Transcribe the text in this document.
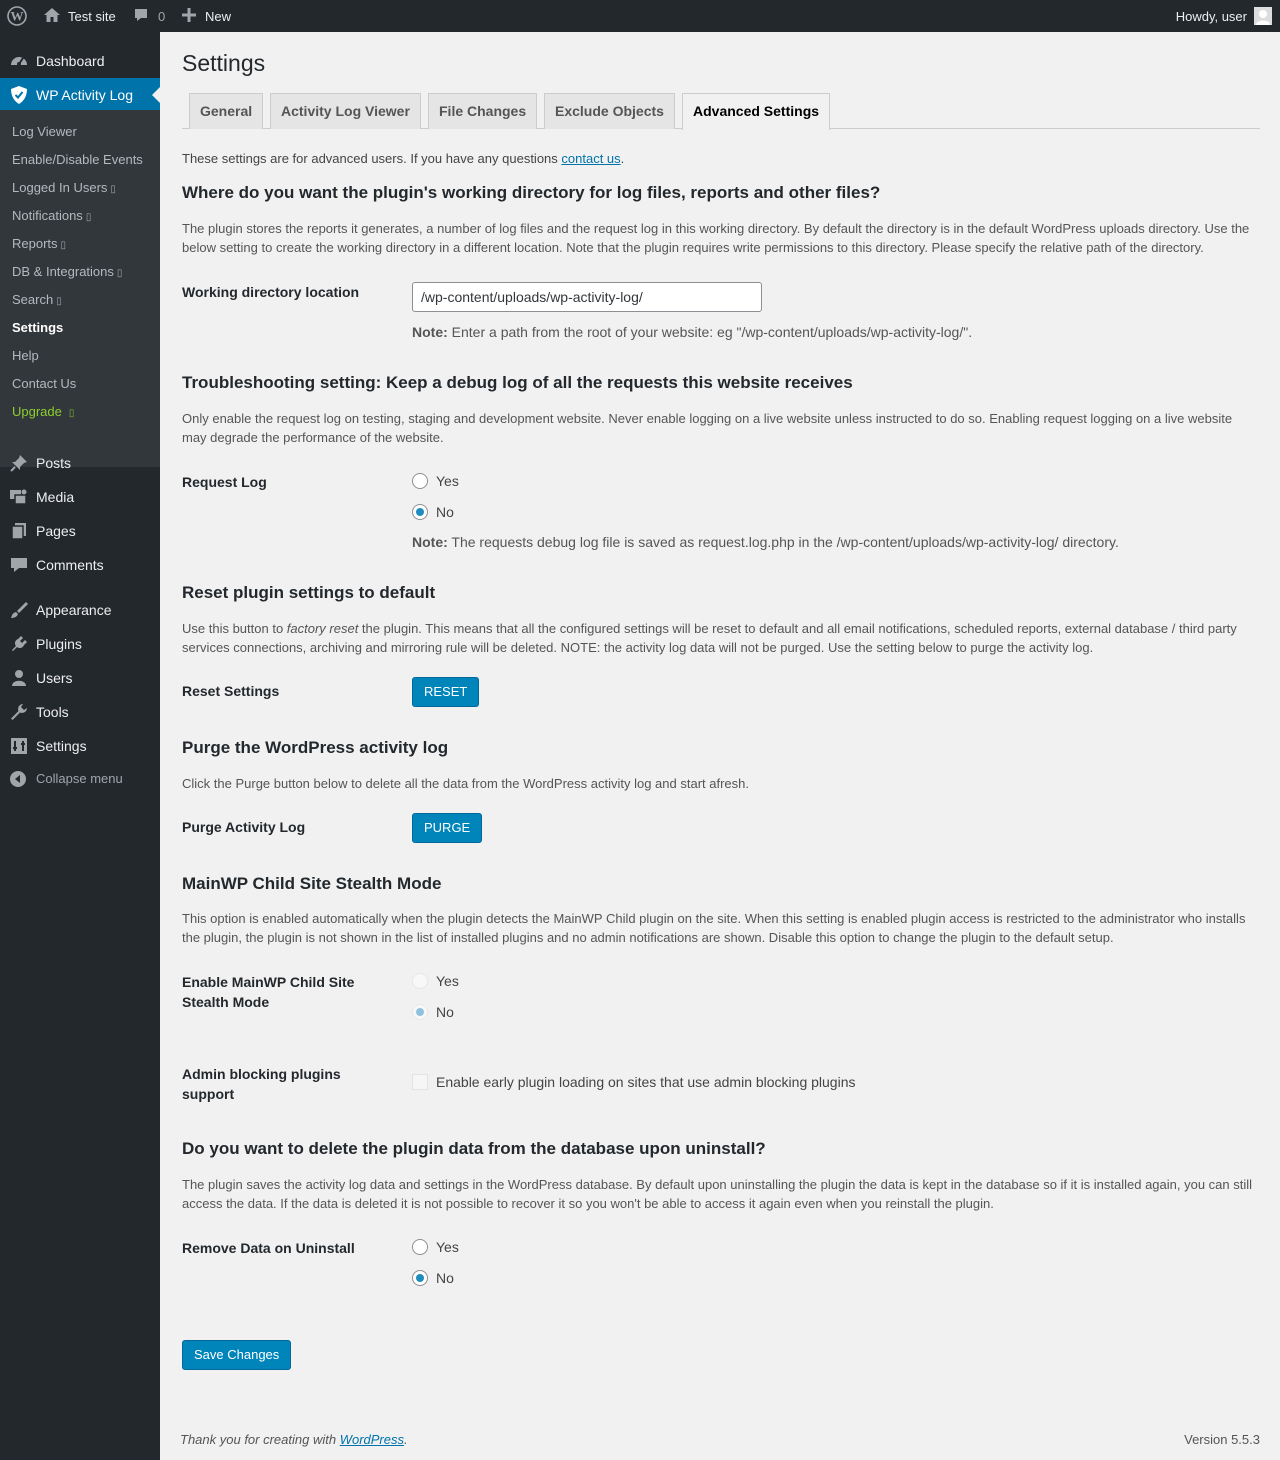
W	Test site	0	New	Howdy, user
Dashboard
WP Activity Log
Log Viewer
Enable/Disable Events
Logged In Users ▯
Notifications ▯
Reports ▯
DB & Integrations ▯
Search ▯
Settings
Help
Contact Us
Upgrade ▯
Posts
Media
Pages
Comments
Appearance
Plugins
Users
Tools
Settings
Collapse menu
Settings
General	Activity Log Viewer	File Changes	Exclude Objects	Advanced Settings
These settings are for advanced users. If you have any questions contact us.
Where do you want the plugin's working directory for log files, reports and other files?
The plugin stores the reports it generates, a number of log files and the request log in this working directory. By default the directory is in the default WordPress uploads directory. Use the below setting to create the working directory in a different location. Note that the plugin requires write permissions to this directory. Please specify the relative path of the directory.
Working directory location
/wp-content/uploads/wp-activity-log/
Note: Enter a path from the root of your website: eg "/wp-content/uploads/wp-activity-log/".
Troubleshooting setting: Keep a debug log of all the requests this website receives
Only enable the request log on testing, staging and development website. Never enable logging on a live website unless instructed to do so. Enabling request logging on a live website may degrade the performance of the website.
Request Log	Yes
No
Note: The requests debug log file is saved as request.log.php in the /wp-content/uploads/wp-activity-log/ directory.
Reset plugin settings to default
Use this button to factory reset the plugin. This means that all the configured settings will be reset to default and all email notifications, scheduled reports, external database / third party services connections, archiving and mirroring rule will be deleted. NOTE: the activity log data will not be purged. Use the setting below to purge the activity log.
Reset Settings	RESET
Purge the WordPress activity log
Click the Purge button below to delete all the data from the WordPress activity log and start afresh.
Purge Activity Log	PURGE
MainWP Child Site Stealth Mode
This option is enabled automatically when the plugin detects the MainWP Child plugin on the site. When this setting is enabled plugin access is restricted to the administrator who installs the plugin, the plugin is not shown in the list of installed plugins and no admin notifications are shown. Disable this option to change the plugin to the default setup.
Enable MainWP Child Site Stealth Mode
Yes
No
Admin blocking plugins support
Enable early plugin loading on sites that use admin blocking plugins
Do you want to delete the plugin data from the database upon uninstall?
The plugin saves the activity log data and settings in the WordPress database. By default upon uninstalling the plugin the data is kept in the database so if it is installed again, you can still access the data. If the data is deleted it is not possible to recover it so you won't be able to access it again even when you reinstall the plugin.
Remove Data on Uninstall	Yes
No
Save Changes
Thank you for creating with WordPress.	Version 5.5.3
